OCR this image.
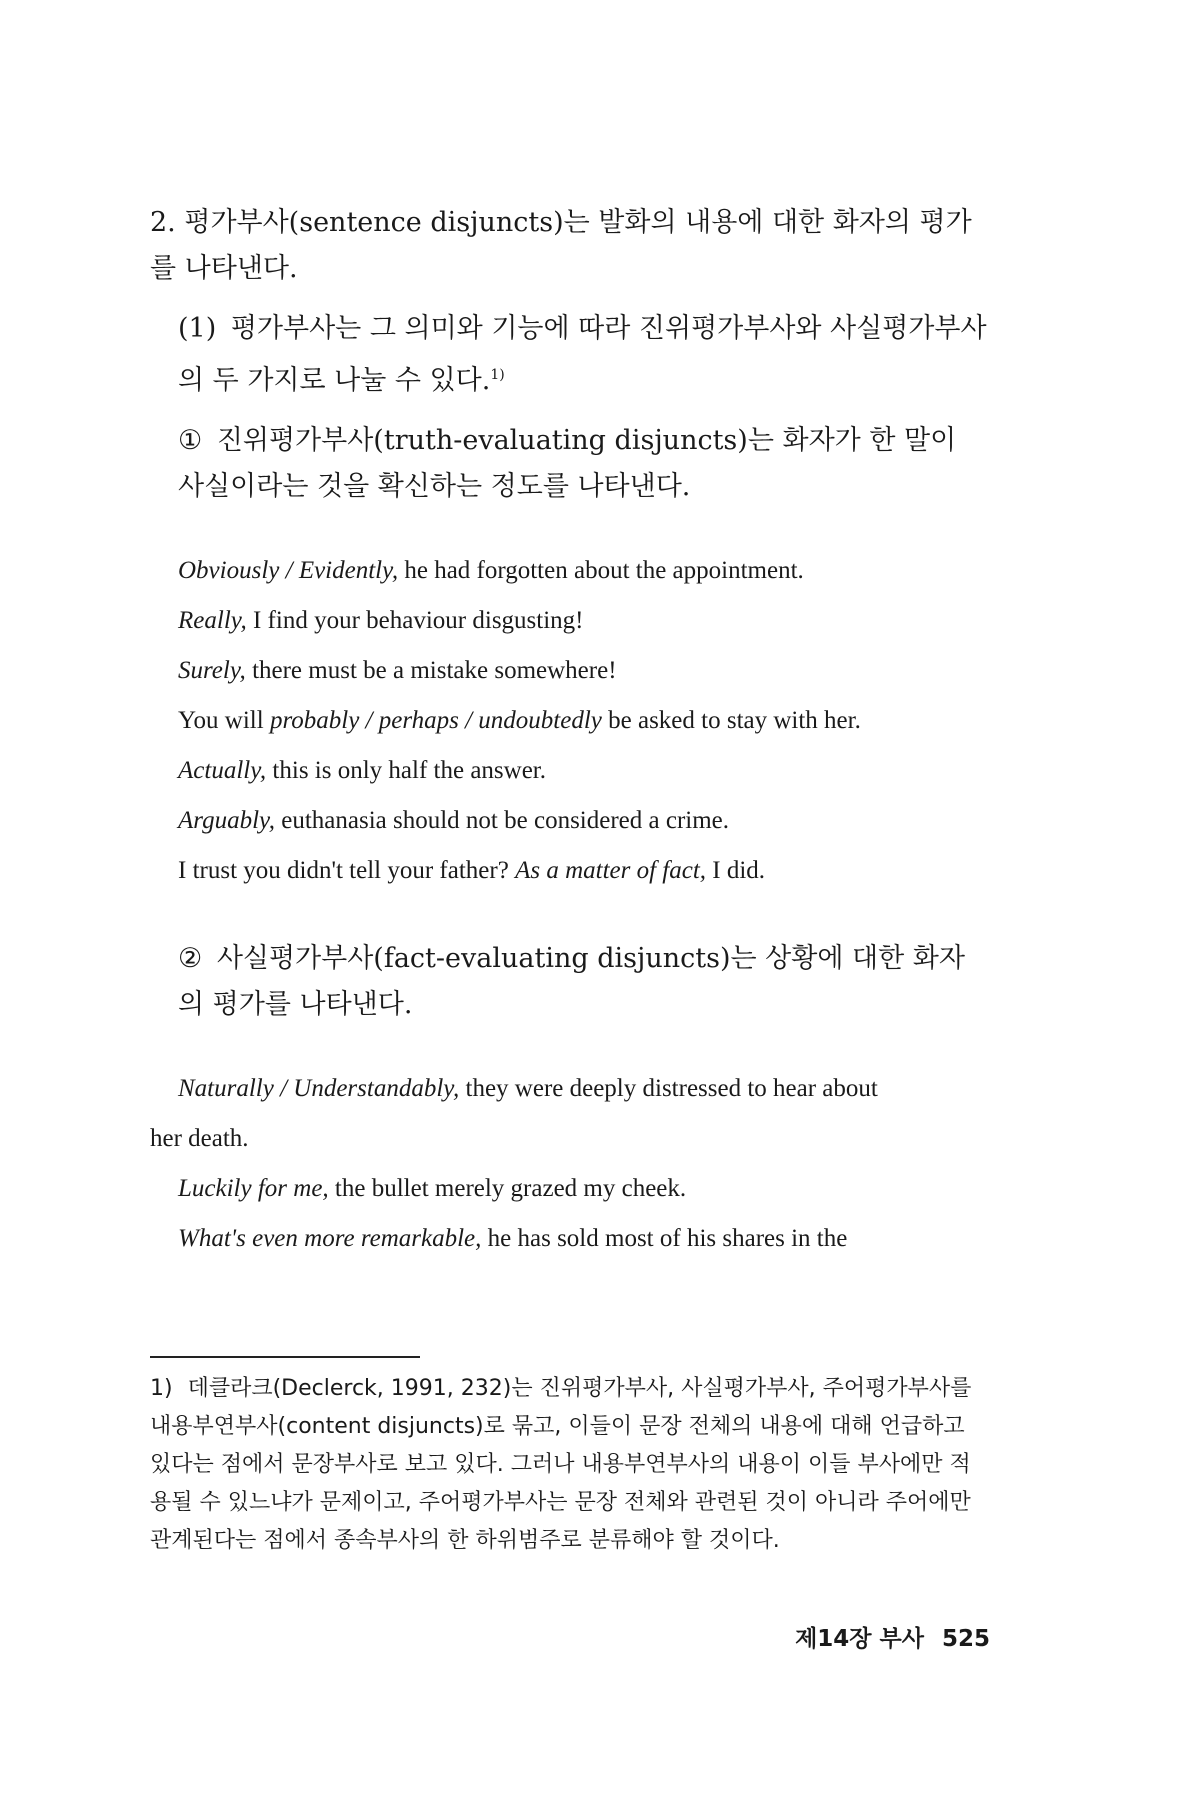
2. 평가부사(sentence disjuncts)는 발화의 내용에 대한 화자의 평가를 나타낸다.

(1) 평가부사는 그 의미와 기능에 따라 진위평가부사와 사실평가부사의 두 가지로 나눌 수 있다.$^{1)}$

① 진위평가부사(truth-evaluating disjuncts)는 화자가 한 말이 사실이라는 것을 확신하는 정도를 나타낸다.

Obviously / Evidently, he had forgotten about the appointment.
Really, I find your behaviour disgusting!
Surely, there must be a mistake somewhere!
You will probably / perhaps / undoubtedly be asked to stay with her.
Actually, this is only half the answer.
Arguably, euthanasia should not be considered a crime.
I trust you didn't tell your father? As a matter of fact, I did.

② 사실평가부사(fact-evaluating disjuncts)는 상황에 대한 화자의 평가를 나타낸다.

Naturally / Understandably, they were deeply distressed to hear about
her death.
Luckily for me, the bullet merely grazed my cheek.
What's even more remarkable, he has sold most of his shares in the
1) 데클라크(Declerck, 1991, 232)는 진위평가부사, 사실평가부사, 주어평가부사를 내용부연부사(content disjuncts)로 묶고, 이들이 문장 전체의 내용에 대해 언급하고 있다는 점에서 문장부사로 보고 있다. 그러나 내용부연부사의 내용이 이들 부사에만 적용될 수 있느냐가 문제이고, 주어평가부사는 문장 전체와 관련된 것이 아니라 주어에만 관계된다는 점에서 종속부사의 한 하위범주로 분류해야 할 것이다.
제14장 부사 525
